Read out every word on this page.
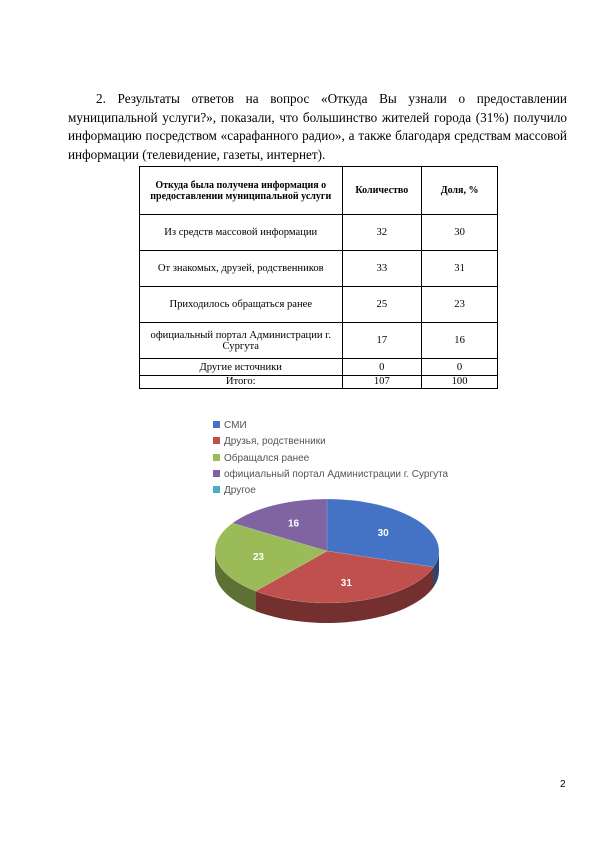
2. Результаты ответов на вопрос «Откуда Вы узнали о предоставлении муниципальной услуги?», показали, что большинство жителей города (31%) получило информацию посредством «сарафанного радио», а также благодаря средствам массовой информации (телевидение, газеты, интернет).

Откуда была получена информация о предоставлении муниципальной услуги	Количество	Доля, %
Из средств массовой информации	32	30
От знакомых, друзей, родственников	33	31
Приходилось обращаться ранее	25	23
официальный портал Администрации г. Сургута	17	16
Другие источники	0	0
Итого:	107	100
СМИ
Друзья, родственники
Обращался ранее
официальный портал Администрации г. Сургута
Другое
30
31
23
16
2
